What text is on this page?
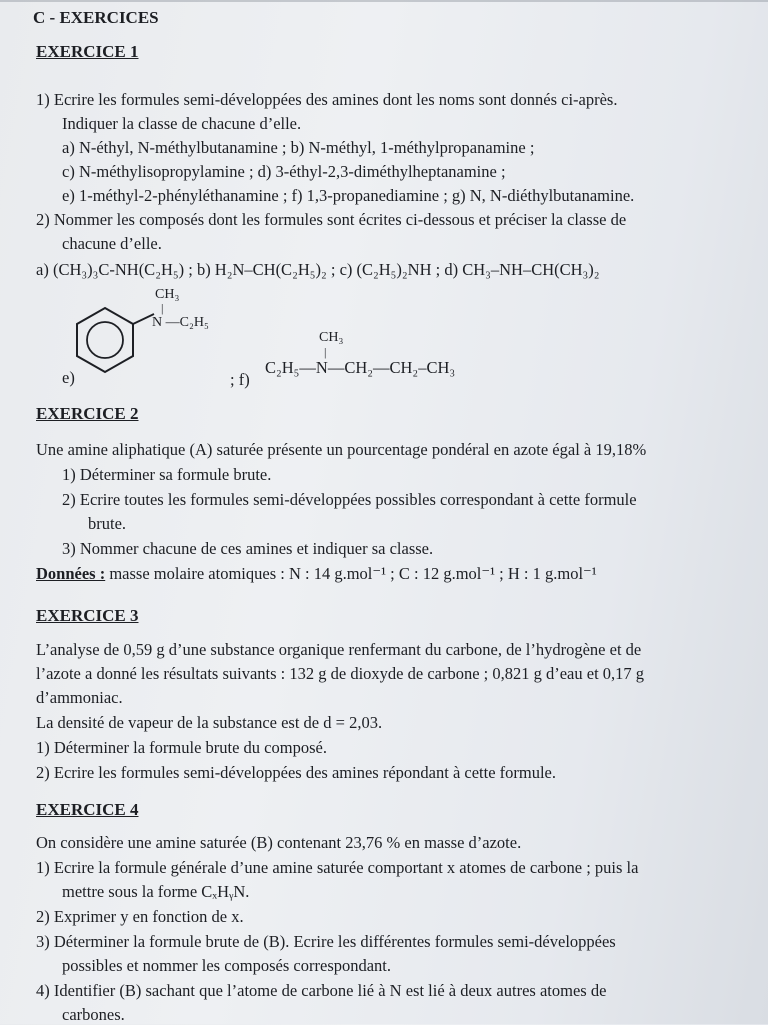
C - EXERCICES
EXERCICE 1
1) Ecrire les formules semi-développées des amines dont les noms sont donnés ci-après.
Indiquer la classe de chacune d’elle.
a) N-éthyl, N-méthylbutanamine ; b) N-méthyl, 1-méthylpropanamine ;
c) N-méthylisopropylamine ; d) 3-éthyl-2,3-diméthylheptanamine ;
e) 1-méthyl-2-phényléthanamine ; f) 1,3-propanediamine ; g) N, N-diéthylbutanamine.
2) Nommer les composés dont les formules sont écrites ci-dessous et préciser la classe de
chacune d’elle.
a) (CH₃)₃C-NH(C₂H₅) ; b) H₂N–CH(C₂H₅)₂ ; c) (C₂H₅)₂NH ; d) CH₃–NH–CH(CH₃)₂
CH₃
|
N —C₂H₅
e)	; f)
CH₃
|
C₂H₅—N—CH₂—CH₂–CH₃
EXERCICE 2
Une amine aliphatique (A) saturée présente un pourcentage pondéral en azote égal à 19,18%
1) Déterminer sa formule brute.
2) Ecrire toutes les formules semi-développées possibles correspondant à cette formule
brute.
3) Nommer chacune de ces amines et indiquer sa classe.
Données : masse molaire atomiques : N : 14 g.mol⁻¹ ; C : 12 g.mol⁻¹ ; H : 1 g.mol⁻¹
EXERCICE 3
L’analyse de 0,59 g d’une substance organique renfermant du carbone, de l’hydrogène et de
l’azote a donné les résultats suivants : 132 g de dioxyde de carbone ; 0,821 g d’eau et 0,17 g
d’ammoniac.
La densité de vapeur de la substance est de d = 2,03.
1) Déterminer la formule brute du composé.
2) Ecrire les formules semi-développées des amines répondant à cette formule.
EXERCICE 4
On considère une amine saturée (B) contenant 23,76 % en masse d’azote.
1) Ecrire la formule générale d’une amine saturée comportant x atomes de carbone ; puis la
mettre sous la forme CₓHᵧN.
2) Exprimer y en fonction de x.
3) Déterminer la formule brute de (B). Ecrire les différentes formules semi-développées
possibles et nommer les composés correspondant.
4) Identifier (B) sachant que l’atome de carbone lié à N est lié à deux autres atomes de
carbones.
